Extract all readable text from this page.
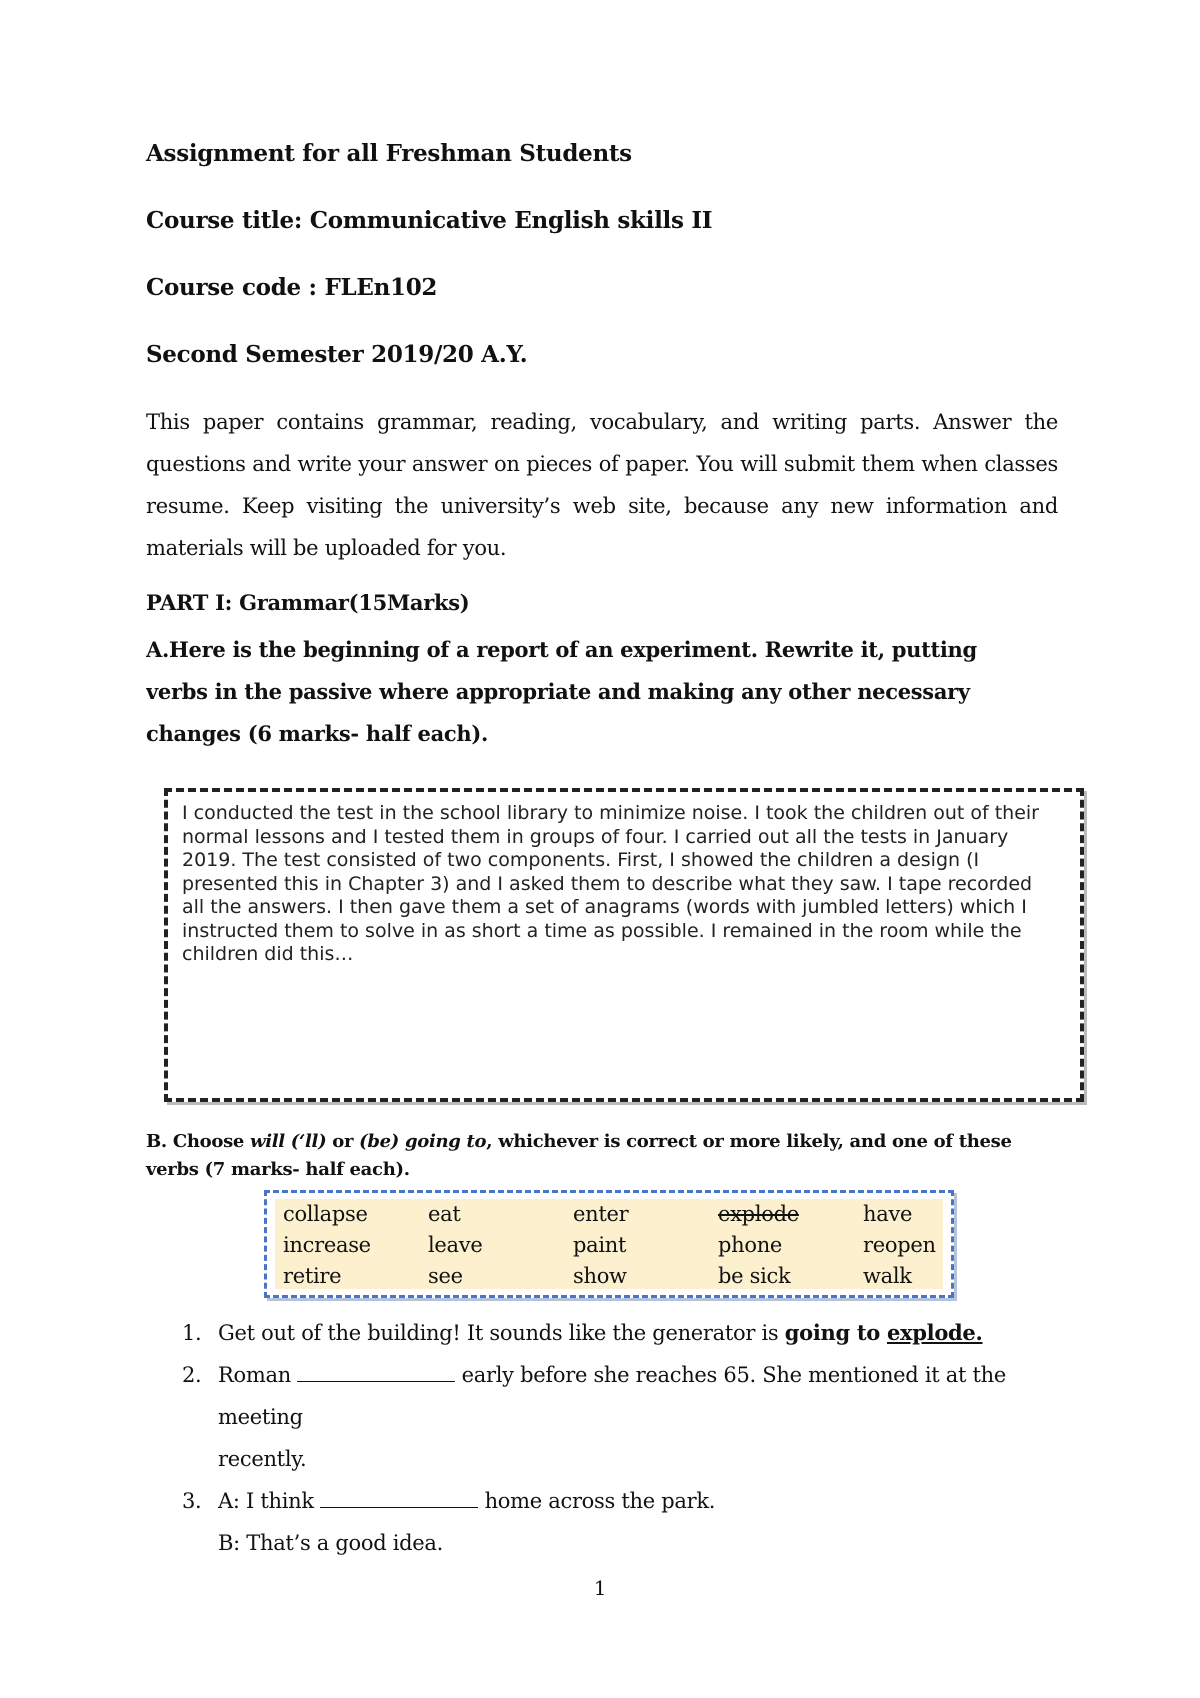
Assignment for all Freshman Students
Course title: Communicative English skills II
Course code : FLEn102
Second Semester 2019/20 A.Y.

This paper contains grammar, reading, vocabulary, and writing parts. Answer the questions and write your answer on pieces of paper. You will submit them when classes resume. Keep visiting the university’s web site, because any new information and materials will be uploaded for you.

PART I: Grammar(15Marks)

A.Here is the beginning of a report of an experiment. Rewrite it, putting verbs in the passive where appropriate and making any other necessary changes (6 marks- half each).

I conducted the test in the school library to minimize noise. I took the children out of their normal lessons and I tested them in groups of four. I carried out all the tests in January 2019. The test consisted of two components. First, I showed the children a design (I presented this in Chapter 3) and I asked them to describe what they saw. I tape recorded all the answers. I then gave them a set of anagrams (words with jumbled letters) which I instructed them to solve in as short a time as possible. I remained in the room while the children did this…

B. Choose will (‘ll) or (be) going to, whichever is correct or more likely, and one of these verbs (7 marks- half each).

collapse	eat	enter	explode	have
increase	leave	paint	phone	reopen
retire	see	show	be sick	walk
1. Get out of the building! It sounds like the generator is going to explode.
2. Roman	early before she reaches 65. She mentioned it at the meeting
recently.
3. A: I think	home across the park.
B: That’s a good idea.
1
